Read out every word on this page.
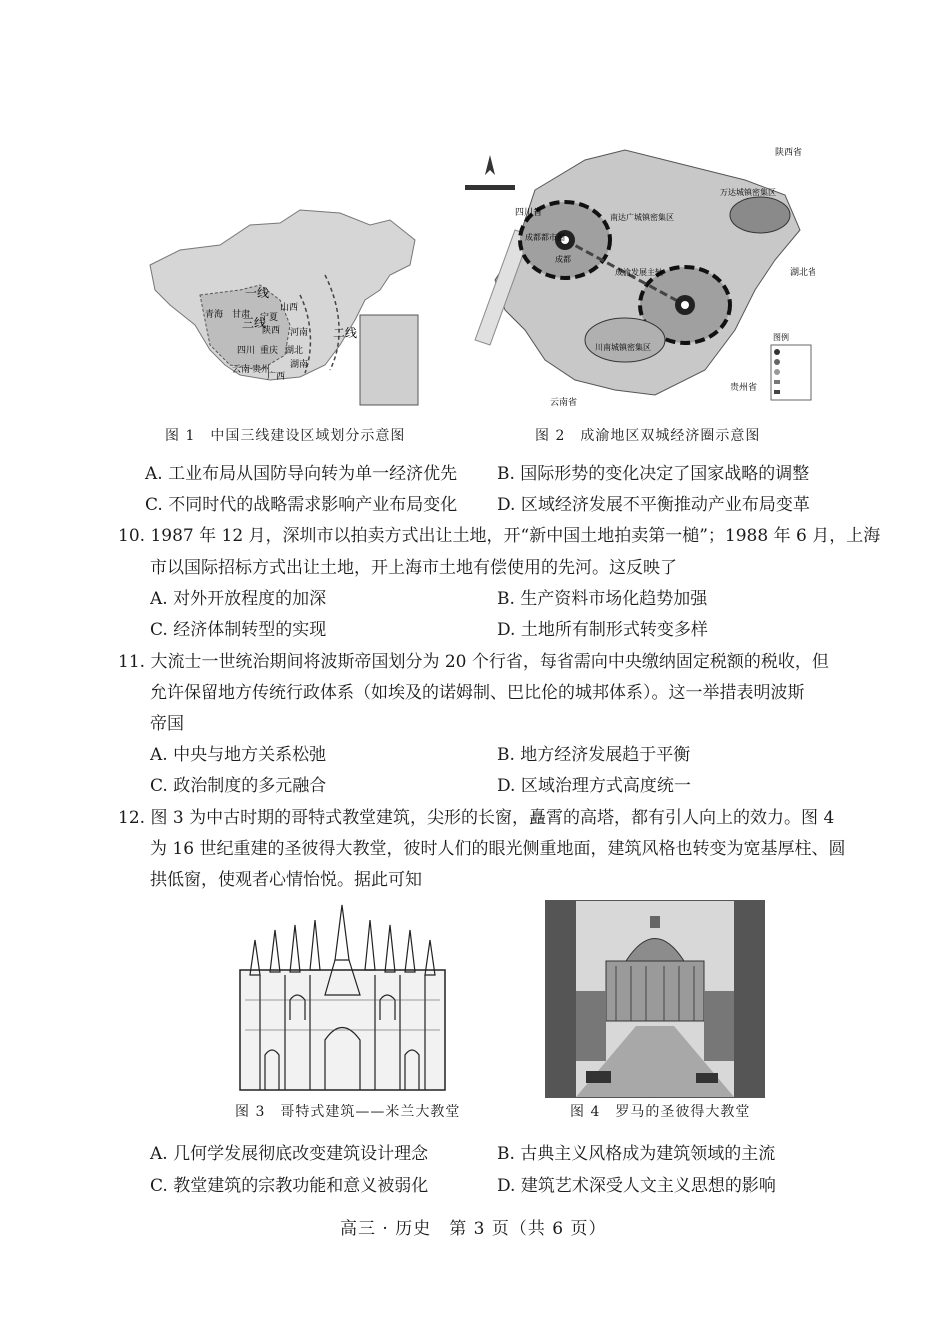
一线
二线
三线
青海 甘肃 宁夏
山西
陕西 河南
四川 重庆 湖北
湖南
云南 贵州
广西
图 1　中国三线建设区域划分示意图
陕西省
四川省
湖北省
贵州省
云南省
成都
南达广城镇密集区
成都都市圈
成渝发展主轴
川南城镇密集区
万达城镇密集区
图例
图 2　成渝地区双城经济圈示意图
A. 工业布局从国防导向转为单一经济优先 B. 国际形势的变化决定了国家战略的调整
C. 不同时代的战略需求影响产业布局变化 D. 区域经济发展不平衡推动产业布局变革
10. 1987 年 12 月，深圳市以拍卖方式出让土地，开“新中国土地拍卖第一槌”；1988 年 6 月，上海
市以国际招标方式出让土地，开上海市土地有偿使用的先河。这反映了
A. 对外开放程度的加深	B. 生产资料市场化趋势加强
C. 经济体制转型的实现	D. 土地所有制形式转变多样
11. 大流士一世统治期间将波斯帝国划分为 20 个行省，每省需向中央缴纳固定税额的税收，但
允许保留地方传统行政体系（如埃及的诺姆制、巴比伦的城邦体系）。这一举措表明波斯
帝国
A. 中央与地方关系松弛	B. 地方经济发展趋于平衡
C. 政治制度的多元融合	D. 区域治理方式高度统一
12. 图 3 为中古时期的哥特式教堂建筑，尖形的长窗，矗霄的高塔，都有引人向上的效力。图 4
为 16 世纪重建的圣彼得大教堂，彼时人们的眼光侧重地面，建筑风格也转变为宽基厚柱、圆
拱低窗，使观者心情怡悦。据此可知
图 3　哥特式建筑——米兰大教堂	图 4　罗马的圣彼得大教堂
A. 几何学发展彻底改变建筑设计理念	B. 古典主义风格成为建筑领域的主流
C. 教堂建筑的宗教功能和意义被弱化	D. 建筑艺术深受人文主义思想的影响
高三 · 历史　第 3 页（共 6 页）
